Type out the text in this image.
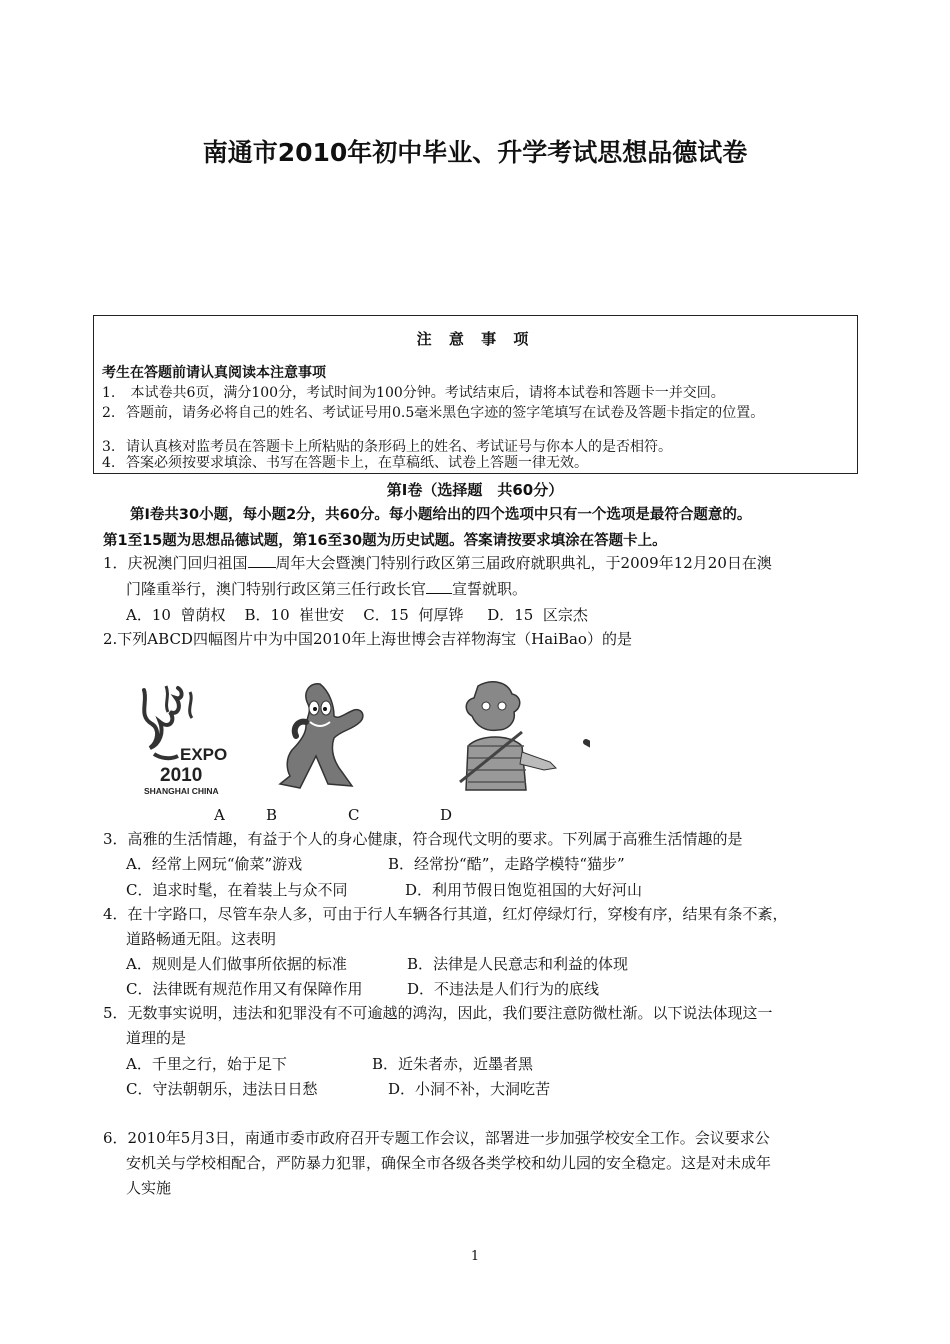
南通市2010年初中毕业、升学考试思想品德试卷
注 意 事 项
考生在答题前请认真阅读本注意事项
1. 本试卷共6页，满分100分，考试时间为100分钟。考试结束后，请将本试卷和答题卡一并交回。
2. 答题前，请务必将自己的姓名、考试证号用0.5毫米黑色字迹的签字笔填写在试卷及答题卡指定的位置。
3. 请认真核对监考员在答题卡上所粘贴的条形码上的姓名、考试证号与你本人的是否相符。
4. 答案必须按要求填涂、书写在答题卡上，在草稿纸、试卷上答题一律无效。
第Ⅰ卷（选择题　共60分）
第Ⅰ卷共30小题，每小题2分，共60分。每小题给出的四个选项中只有一个选项是最符合题意的。
第1至15题为思想品德试题，第16至30题为历史试题。答案请按要求填涂在答题卡上。
1．庆祝澳门回归祖国 周年大会暨澳门特别行政区第三届政府就职典礼，于2009年12月20日在澳
门隆重举行，澳门特别行政区第三任行政长官 宣誓就职。
A．10  曾荫权    B．10  崔世安    C．15  何厚铧     D．15  区宗杰
2.下列ABCD四幅图片中为中国2010年上海世博会吉祥物海宝（HaiBao）的是
EXPO
2010
SHANGHAI CHINA
A	B	C	D
3．高雅的生活情趣，有益于个人的身心健康，符合现代文明的要求。下列属于高雅生活情趣的是
A．经常上网玩“偷菜”游戏	B．经常扮“酷”，走路学模特“猫步”
C．追求时髦，在着装上与众不同	D．利用节假日饱览祖国的大好河山
4．在十字路口，尽管车杂人多，可由于行人车辆各行其道，红灯停绿灯行，穿梭有序，结果有条不紊，
道路畅通无阻。这表明
A．规则是人们做事所依据的标准	B．法律是人民意志和利益的体现
C．法律既有规范作用又有保障作用	D．不违法是人们行为的底线
5．无数事实说明，违法和犯罪没有不可逾越的鸿沟，因此，我们要注意防微杜渐。以下说法体现这一
道理的是
A．千里之行，始于足下	B．近朱者赤，近墨者黑
C．守法朝朝乐，违法日日愁	D．小洞不补，大洞吃苦
6．2010年5月3日，南通市委市政府召开专题工作会议，部署进一步加强学校安全工作。会议要求公
安机关与学校相配合，严防暴力犯罪，确保全市各级各类学校和幼儿园的安全稳定。这是对未成年
人实施
1
